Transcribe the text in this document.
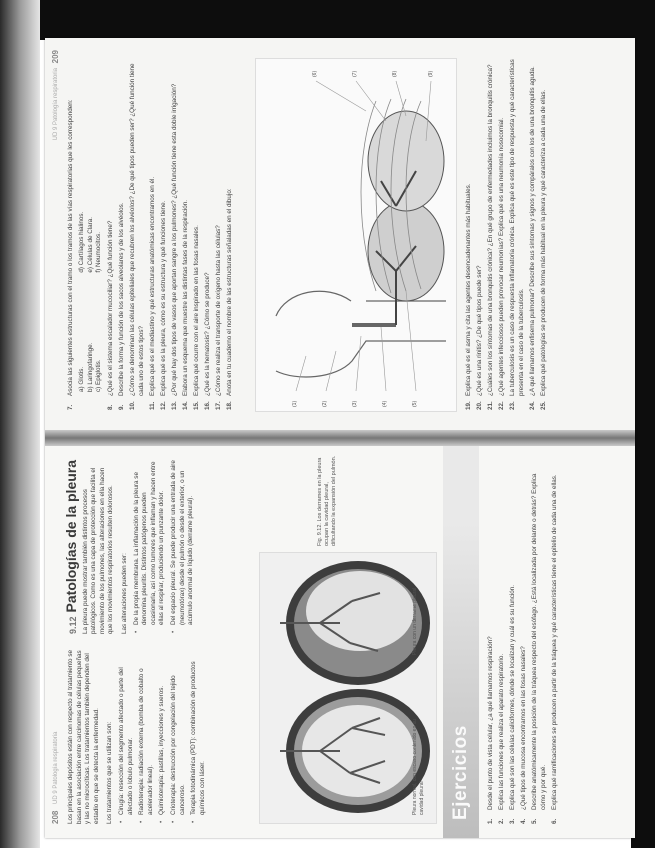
208
UD 9 Patología respiratoria Los principales depósitos están con respecto al tratamiento se basan en la asociación entre carcinomas de células pequeñas y las no microcíticas. Los tratamientos también dependen del estadio en que se detecta la enfermedad. Los tratamientos que se utilizan son: • Cirugía: resección del segmento afectado o parte del afectado o lobulo pulmonar. • Radioterapia: radiación externa (bomba de cobalto o acelerador lineal). • Quimioterapia: pastillas, inyecciones y sueros. • Crioterapia: destrucción por congelación del tejido canceroso. • Terapia fotodinámica (PDT): combinación de productos químicos con láser.
9.12Patologías de la pleura La pleura puede mostrar también distintos procesos patológicos. Como es una capa de protección que facilita el movimiento de los pulmones, las alteraciones en ella hacen que los movimientos respiratorios resulten dolorosos. Las alteraciones pueden ser: • De la propia membrana. La inflamación de la pleura se denomina pleuritis. Distintos patógenos pueden ocasionarla, así como tumores que inflaman y hacen entre ellas al respirar, produciendo un punzante dolor. • Del espacio pleural. Se puede producir una entrada de aire (neumotórax) desde el pulmón o desde el exterior, o un acúmulo anormal de líquido (derrame pleural).
Pleura normal, con escaso contenido en su cavidad pleural
Pleura con un derrame pleural
Fig. 9.12. Los derrames en la pleura ocupan la cavidad pleural, dificultando la expansión del pulmón.
Ejercicios
1.
Desde el punto de vista celular, ¿a qué llamamos respiración?
2.
Explica las funciones que realiza el aparato respiratorio.
3.
Explica qué son las células caliciformes, dónde se localizan y cuál es su función.
4.
¿Qué tipos de mucosa encontramos en las fosas nasales?
5.
Describe anatómicamente la posición de la tráquea respecto del esófago. ¿Está localizada por delante o detrás? Explica cómo y por qué.
6.
Explica qué ramificaciones se producen a partir de la tráquea y qué características tiene el epitelio de cada una de ellas.
UD 9 Patología respiratoria
209
7.
Asocia las siguientes estructuras con el tramo o los tramos de las vías respiratorias que les corresponden: a) Glotis. b) Laringofaringe. c) Epiglotis.
d) Cartílagos hialinos. e) Células de Clara. f) Neumocitos.
8.
¿Qué es el sistema escalador mucociliar? ¿Qué función tiene?
9.
Describe la forma y función de los sacos alveolares y de los alvéolos.
10.
¿Cómo se denominan las células epiteliales que recubren los alvéolos? ¿De qué tipos pueden ser? ¿Qué función tiene cada uno de estos tipos?
11.
Explica qué es el mediastino y qué estructuras anatómicas encontramos en él.
12.
Explica qué es la pleura, cómo es su estructura y qué funciones tiene.
13.
¿Por qué hay dos tipos de vasos que aportan sangre a los pulmones? ¿Qué función tiene esta doble irrigación?
14.
Elabora un esquema que muestre las distintas fases de la respiración.
15.
Explica qué ocurre con el aire inspirado en las fosas nasales.
16.
¿Qué es la hematosis? ¿Cómo se produce?
17.
¿Cómo se realiza el transporte de oxígeno hasta las células?
18.
Anota en tu cuaderno el nombre de las estructuras señaladas en el dibujo:
(1)	(2)	(3)	(4)	(5)
(6)	(7)	(8)	(9)
19.
Explica qué es el asma y cita las agentes desencadenantes más habituales.
20.
¿Qué es una rinitis? ¿De qué tipos puede ser?
21.
¿Cuáles son los síntomas de una bronquitis crónica? ¿En qué grupo de enfermedades incluimos la bronquitis crónica?
22.
¿Qué agentes infecciosos pueden provocar neumonías? Explica qué es una neumonía nosocomial.
23.
La tuberculosis es un caso de respuesta inflamatoria crónica. Explica qué es este tipo de respuesta y qué características presenta en el caso de la tuberculosis.
24.
¿A qué llamamos enfisema pulmonar? Describe sus síntomas y signos y compáralos con los de una bronquitis aguda.
25.
Explica qué patologías se producen de forma más habitual en la pleura y qué caracteriza a cada una de ellas.
